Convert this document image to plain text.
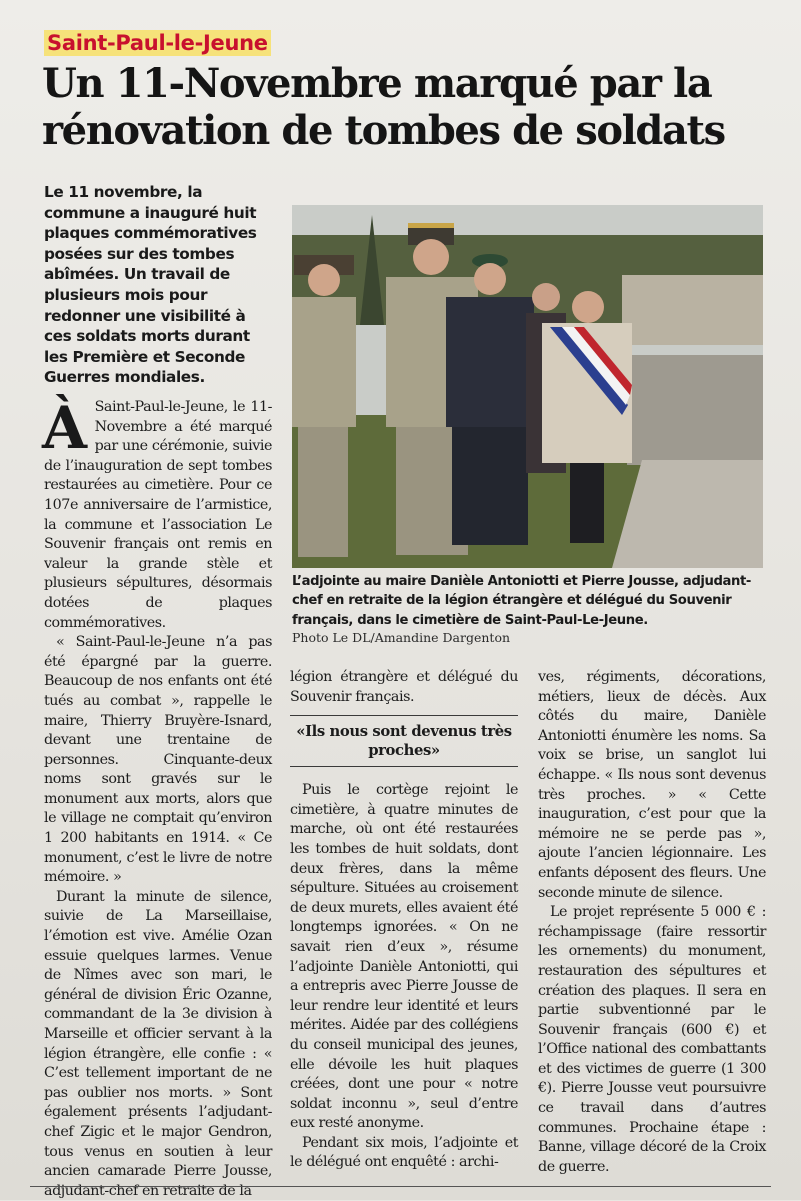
Saint-Paul-le-Jeune
Un 11-Novembre marqué par la rénovation de tombes de soldats
Le 11 novembre, la commune a inauguré huit plaques commémoratives posées sur des tombes abîmées. Un travail de plusieurs mois pour redonner une visibilité à ces soldats morts durant les Première et Seconde Guerres mondiales.
L’adjointe au maire Danièle Antoniotti et Pierre Jousse, adjudant-chef en retraite de la légion étrangère et délégué du Souvenir français, dans le cimetière de Saint-Paul-Le-Jeune.
Photo Le DL/Amandine Dargenton

À Saint-Paul-le-Jeune, le 11-Novembre a été marqué par une cérémonie, suivie de l’inauguration de sept tombes restaurées au cimetière. Pour ce 107e anniversaire de l’armistice, la commune et l’association Le Souvenir français ont remis en valeur la grande stèle et plusieurs sépultures, désormais dotées de plaques commémoratives.

« Saint-Paul-le-Jeune n’a pas été épargné par la guerre. Beaucoup de nos enfants ont été tués au combat », rappelle le maire, Thierry Bruyère-Isnard, devant une trentaine de personnes. Cinquante-deux noms sont gravés sur le monument aux morts, alors que le village ne comptait qu’environ 1 200 habitants en 1914. « Ce monument, c’est le livre de notre mémoire. »

Durant la minute de silence, suivie de La Marseillaise, l’émotion est vive. Amélie Ozan essuie quelques larmes. Venue de Nîmes avec son mari, le général de division Éric Ozanne, commandant de la 3e division à Marseille et officier servant à la légion étrangère, elle confie : « C’est tellement important de ne pas oublier nos morts. » Sont également présents l’adjudant-chef Zigic et le major Gendron, tous venus en soutien à leur ancien camarade Pierre Jousse, adjudant-chef en retraite de la

légion étrangère et délégué du Souvenir français.

«Ils nous sont devenus très proches»

Puis le cortège rejoint le cimetière, à quatre minutes de marche, où ont été restaurées les tombes de huit soldats, dont deux frères, dans la même sépulture. Situées au croisement de deux murets, elles avaient été longtemps ignorées. « On ne savait rien d’eux », résume l’adjointe Danièle Antoniotti, qui a entrepris avec Pierre Jousse de leur rendre leur identité et leurs mérites. Aidée par des collégiens du conseil municipal des jeunes, elle dévoile les huit plaques créées, dont une pour « notre soldat inconnu », seul d’entre eux resté anonyme.

Pendant six mois, l’adjointe et le délégué ont enquêté : archi-

ves, régiments, décorations, métiers, lieux de décès. Aux côtés du maire, Danièle Antoniotti énumère les noms. Sa voix se brise, un sanglot lui échappe. « Ils nous sont devenus très proches. » « Cette inauguration, c’est pour que la mémoire ne se perde pas », ajoute l’ancien légionnaire. Les enfants déposent des fleurs. Une seconde minute de silence.

Le projet représente 5 000 € : réchampissage (faire ressortir les ornements) du monument, restauration des sépultures et création des plaques. Il sera en partie subventionné par le Souvenir français (600 €) et l’Office national des combattants et des victimes de guerre (1 300 €). Pierre Jousse veut poursuivre ce travail dans d’autres communes. Prochaine étape : Banne, village décoré de la Croix de guerre.
